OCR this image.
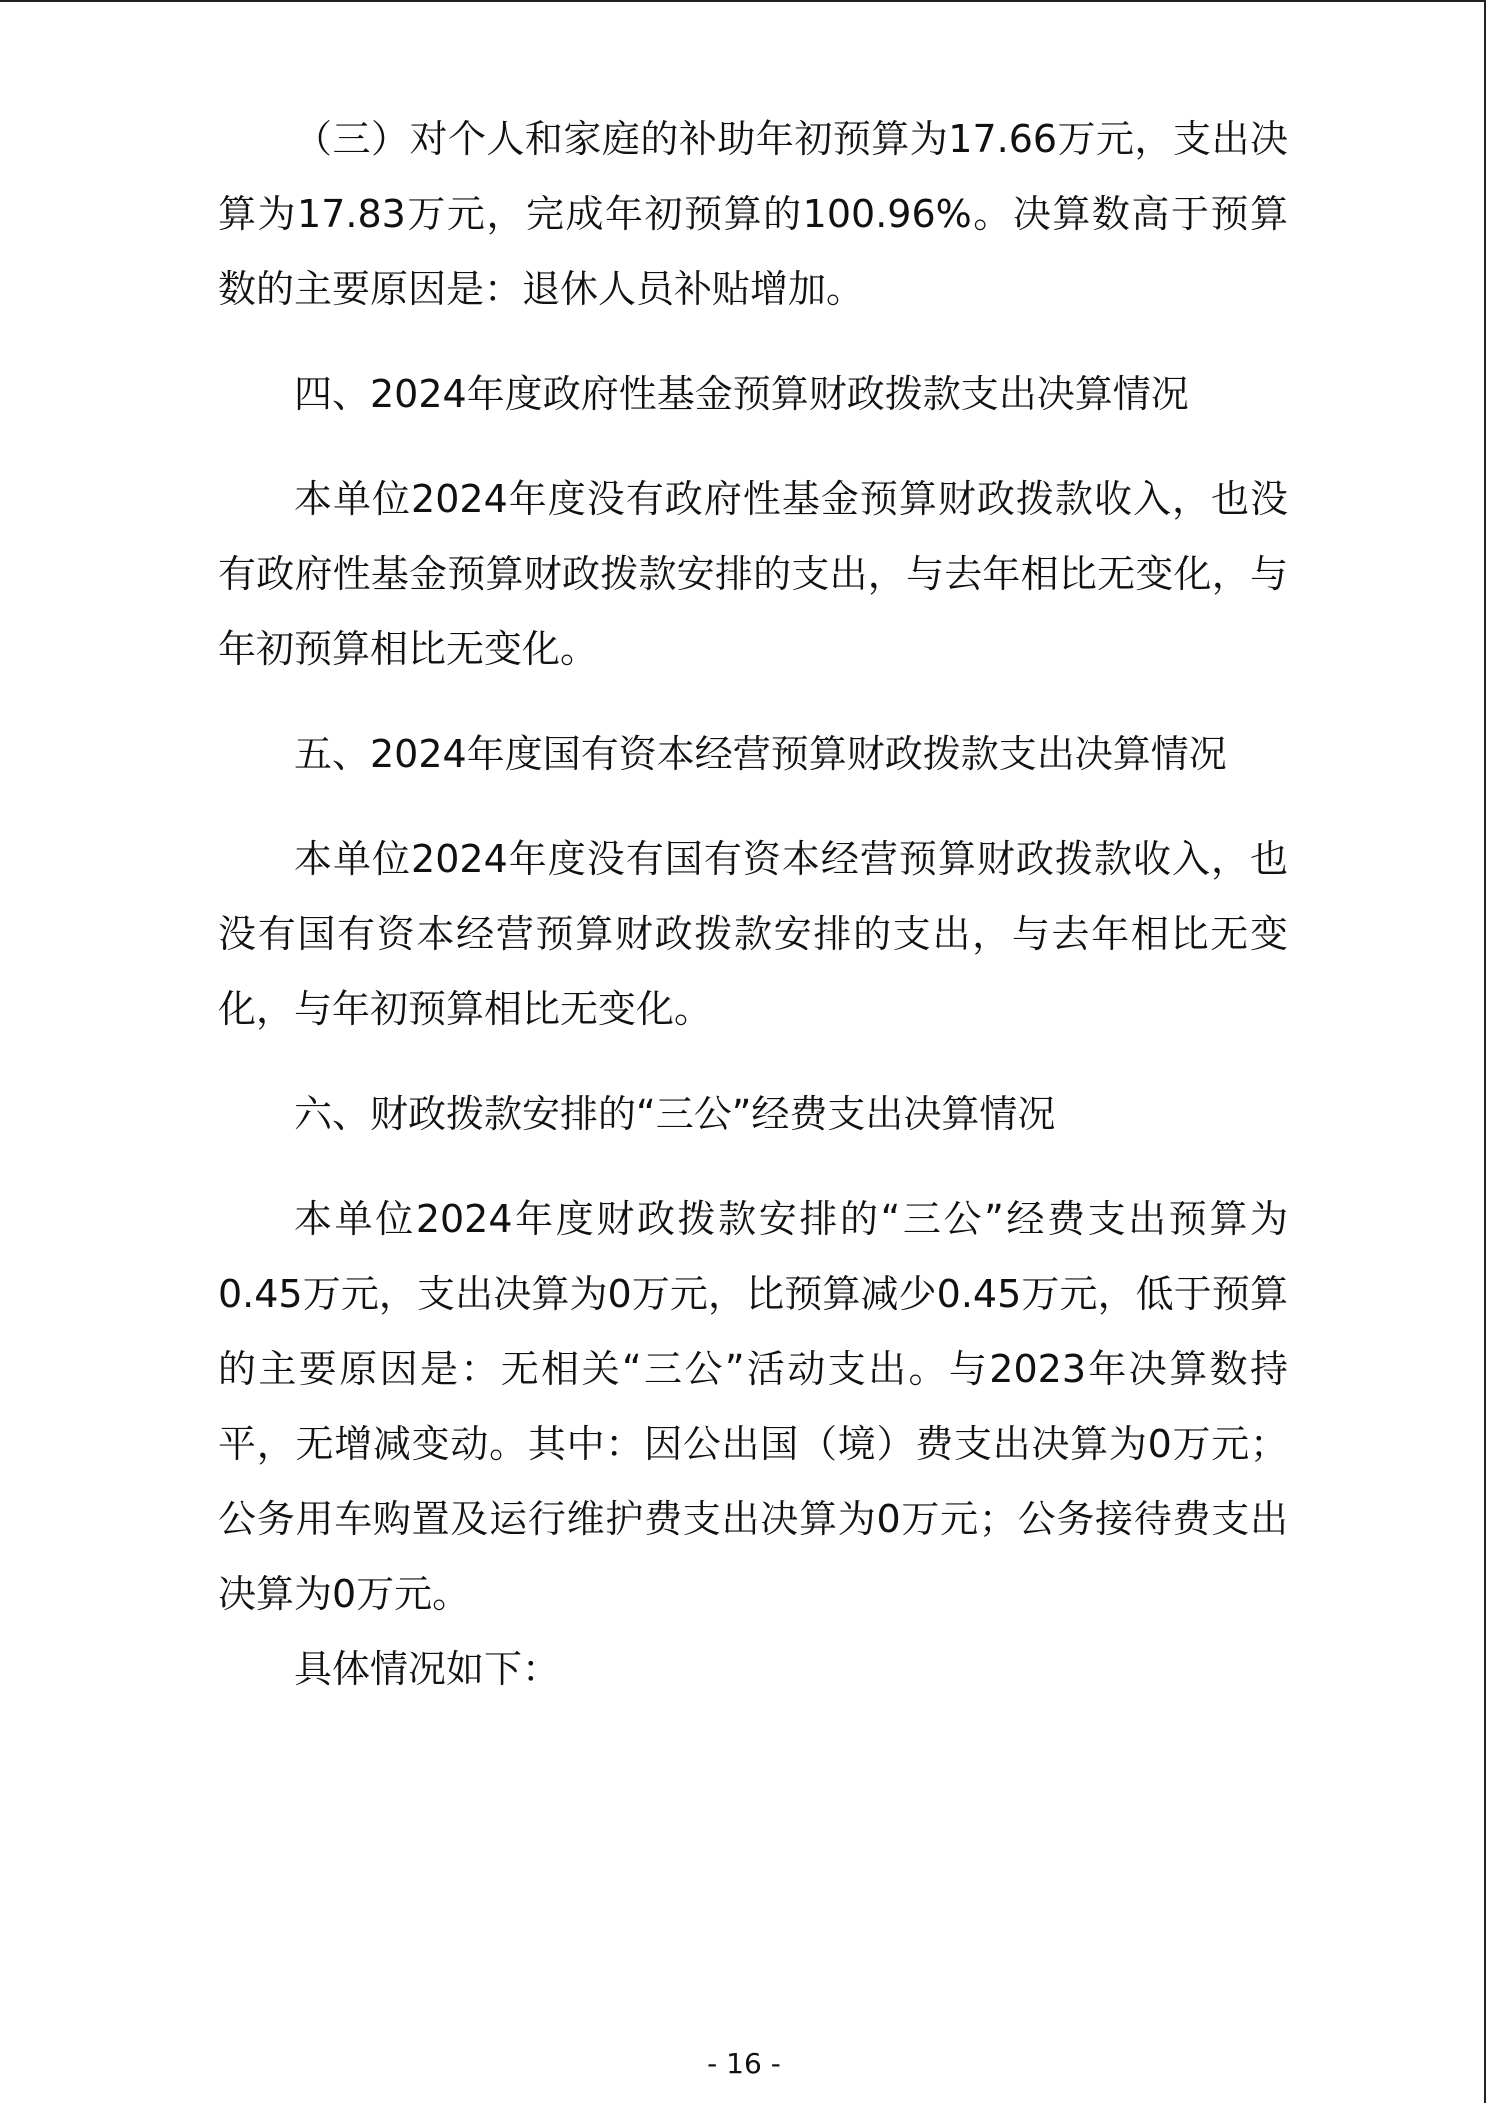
（三）对个人和家庭的补助年初预算为17.66万元，支出决算为17.83万元，完成年初预算的100.96%。决算数高于预算数的主要原因是：退休人员补贴增加。

四、2024年度政府性基金预算财政拨款支出决算情况

本单位2024年度没有政府性基金预算财政拨款收入，也没有政府性基金预算财政拨款安排的支出，与去年相比无变化，与年初预算相比无变化。

五、2024年度国有资本经营预算财政拨款支出决算情况

本单位2024年度没有国有资本经营预算财政拨款收入，也没有国有资本经营预算财政拨款安排的支出，与去年相比无变化，与年初预算相比无变化。

六、财政拨款安排的“三公”经费支出决算情况

本单位2024年度财政拨款安排的“三公”经费支出预算为0.45万元，支出决算为0万元，比预算减少0.45万元，低于预算的主要原因是：无相关“三公”活动支出。与2023年决算数持平，无增减变动。其中：因公出国（境）费支出决算为0万元；公务用车购置及运行维护费支出决算为0万元；公务接待费支出决算为0万元。

具体情况如下：

- 16 -
